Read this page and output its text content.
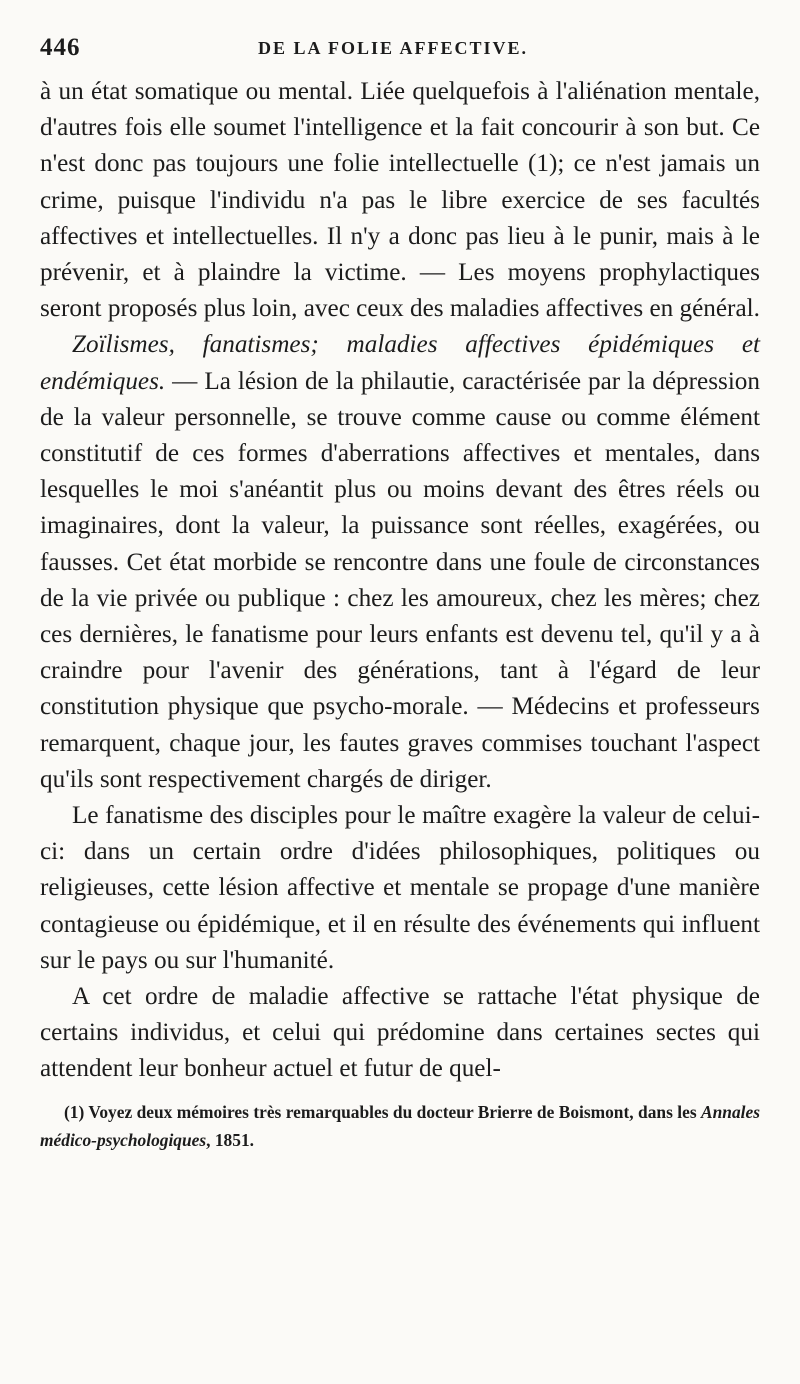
446	DE LA FOLIE AFFECTIVE.

à un état somatique ou mental. Liée quelquefois à l'aliénation mentale, d'autres fois elle soumet l'intelligence et la fait concourir à son but. Ce n'est donc pas toujours une folie intellectuelle (1); ce n'est jamais un crime, puisque l'individu n'a pas le libre exercice de ses facultés affectives et intellectuelles. Il n'y a donc pas lieu à le punir, mais à le prévenir, et à plaindre la victime. — Les moyens prophylactiques seront proposés plus loin, avec ceux des maladies affectives en général.

Zoïlismes, fanatismes; maladies affectives épidémiques et endémiques. — La lésion de la philautie, caractérisée par la dépression de la valeur personnelle, se trouve comme cause ou comme élément constitutif de ces formes d'aberrations affectives et mentales, dans lesquelles le moi s'anéantit plus ou moins devant des êtres réels ou imaginaires, dont la valeur, la puissance sont réelles, exagérées, ou fausses. Cet état morbide se rencontre dans une foule de circonstances de la vie privée ou publique : chez les amoureux, chez les mères; chez ces dernières, le fanatisme pour leurs enfants est devenu tel, qu'il y a à craindre pour l'avenir des générations, tant à l'égard de leur constitution physique que psycho-morale. — Médecins et professeurs remarquent, chaque jour, les fautes graves commises touchant l'aspect qu'ils sont respectivement chargés de diriger.

Le fanatisme des disciples pour le maître exagère la valeur de celui-ci: dans un certain ordre d'idées philosophiques, politiques ou religieuses, cette lésion affective et mentale se propage d'une manière contagieuse ou épidémique, et il en résulte des événements qui influent sur le pays ou sur l'humanité.

A cet ordre de maladie affective se rattache l'état physique de certains individus, et celui qui prédomine dans certaines sectes qui attendent leur bonheur actuel et futur de quel-

(1) Voyez deux mémoires très remarquables du docteur Brierre de Boismont, dans les Annales médico-psychologiques, 1851.
